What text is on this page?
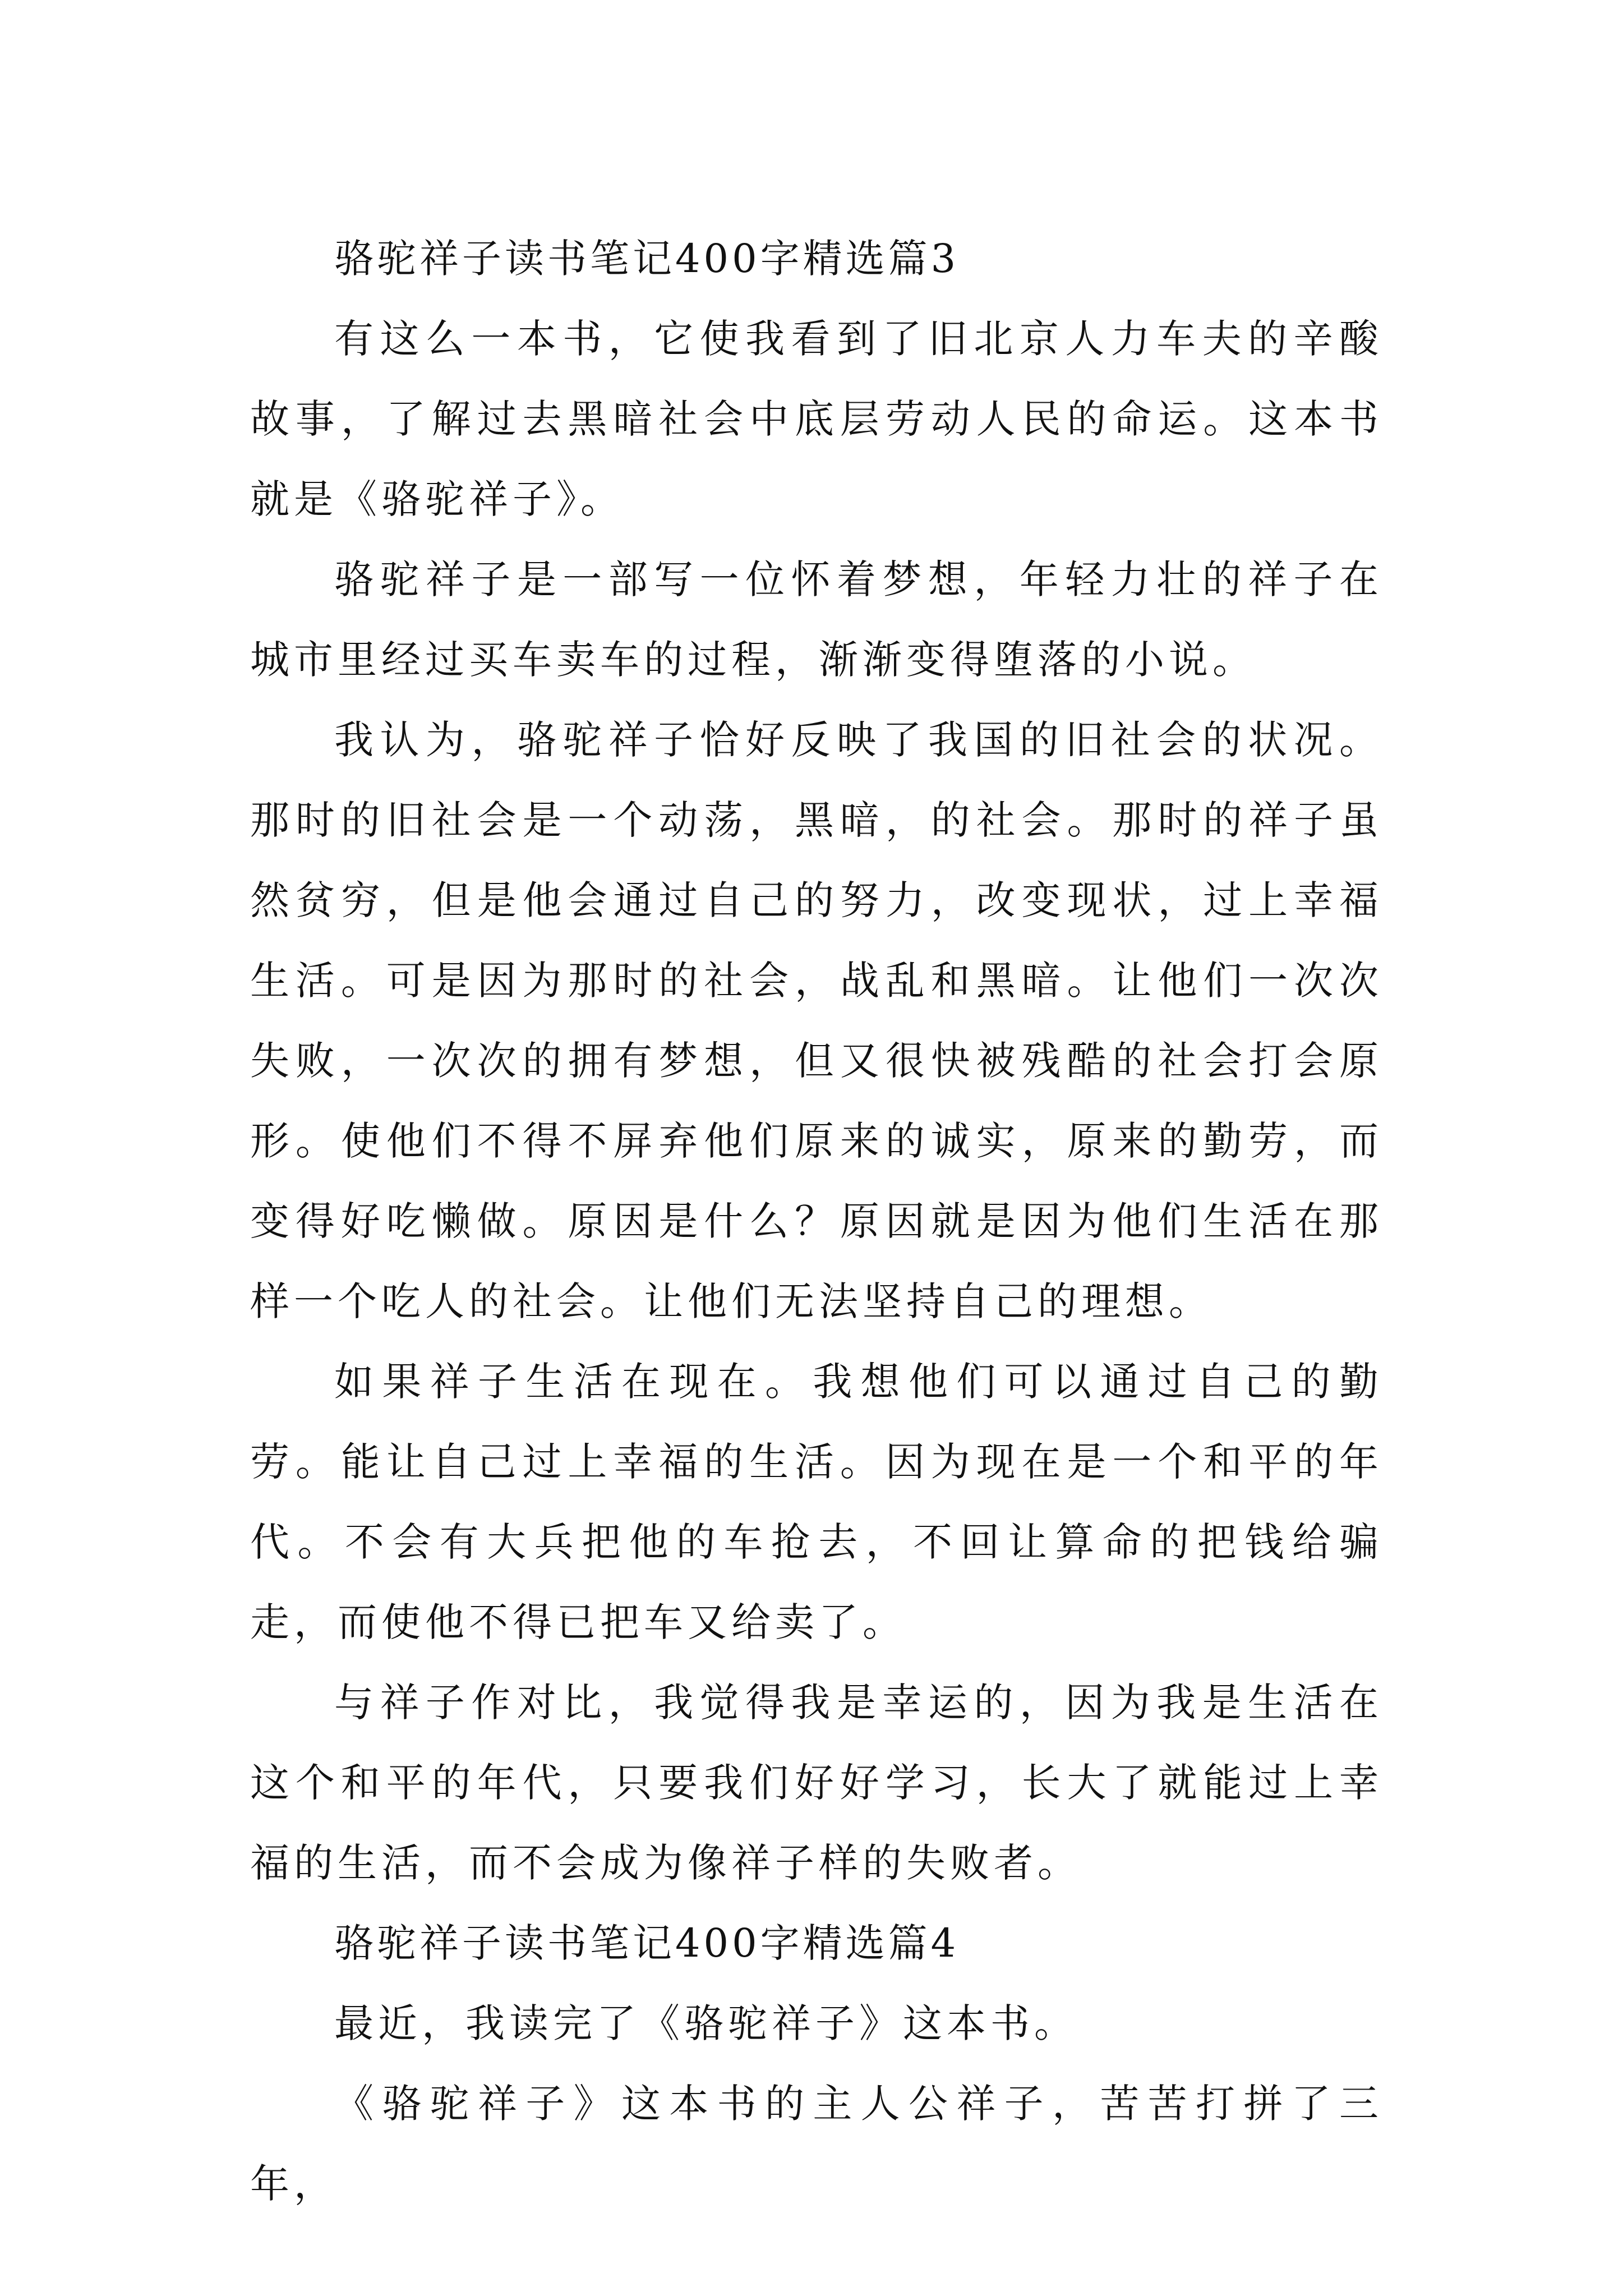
骆驼祥子读书笔记400字精选篇3

有这么一本书，它使我看到了旧北京人力车夫的辛酸故事，了解过去黑暗社会中底层劳动人民的命运。这本书就是《骆驼祥子》。

骆驼祥子是一部写一位怀着梦想，年轻力壮的祥子在城市里经过买车卖车的过程，渐渐变得堕落的小说。

我认为，骆驼祥子恰好反映了我国的旧社会的状况。那时的旧社会是一个动荡，黑暗，的社会。那时的祥子虽然贫穷，但是他会通过自己的努力，改变现状，过上幸福生活。可是因为那时的社会，战乱和黑暗。让他们一次次失败，一次次的拥有梦想，但又很快被残酷的社会打会原形。使他们不得不屏弃他们原来的诚实，原来的勤劳，而变得好吃懒做。原因是什么？原因就是因为他们生活在那样一个吃人的社会。让他们无法坚持自己的理想。

如果祥子生活在现在。我想他们可以通过自己的勤劳。能让自己过上幸福的生活。因为现在是一个和平的年代。不会有大兵把他的车抢去，不回让算命的把钱给骗走，而使他不得已把车又给卖了。

与祥子作对比，我觉得我是幸运的，因为我是生活在这个和平的年代，只要我们好好学习，长大了就能过上幸福的生活，而不会成为像祥子样的失败者。

骆驼祥子读书笔记400字精选篇4

最近，我读完了《骆驼祥子》这本书。

《骆驼祥子》这本书的主人公祥子，苦苦打拼了三年，
